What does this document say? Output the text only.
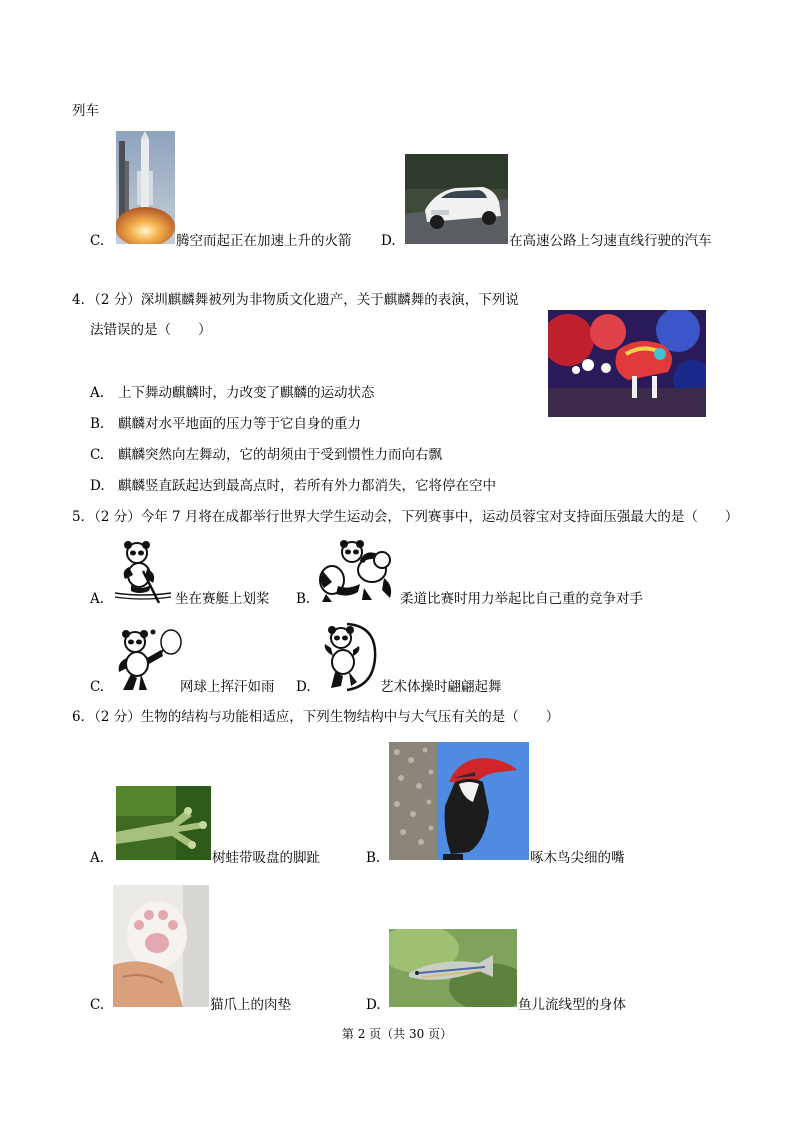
列车
C.	腾空而起正在加速上升的火箭 D.	在高速公路上匀速直线行驶的汽车
4．（2 分）深圳麒麟舞被列为非物质文化遗产，关于麒麟舞的表演，下列说
法错误的是（　　）
A. 上下舞动麒麟时，力改变了麒麟的运动状态
B. 麒麟对水平地面的压力等于它自身的重力
C. 麒麟突然向左舞动，它的胡须由于受到惯性力而向右飘
D. 麒麟竖直跃起达到最高点时，若所有外力都消失，它将停在空中
5．（2 分）今年 7 月将在成都举行世界大学生运动会，下列赛事中，运动员蓉宝对支持面压强最大的是（　　）
A.	坐在赛艇上划桨 B.	柔道比赛时用力举起比自己重的竞争对手
C.	网球上挥汗如雨 D.	艺术体操时翩翩起舞
6．（2 分）生物的结构与功能相适应，下列生物结构中与大气压有关的是（　　）
A.	树蛙带吸盘的脚趾	B.	啄木鸟尖细的嘴
C.	猫爪上的肉垫	D.	鱼儿流线型的身体
第 2 页（共 30 页）
